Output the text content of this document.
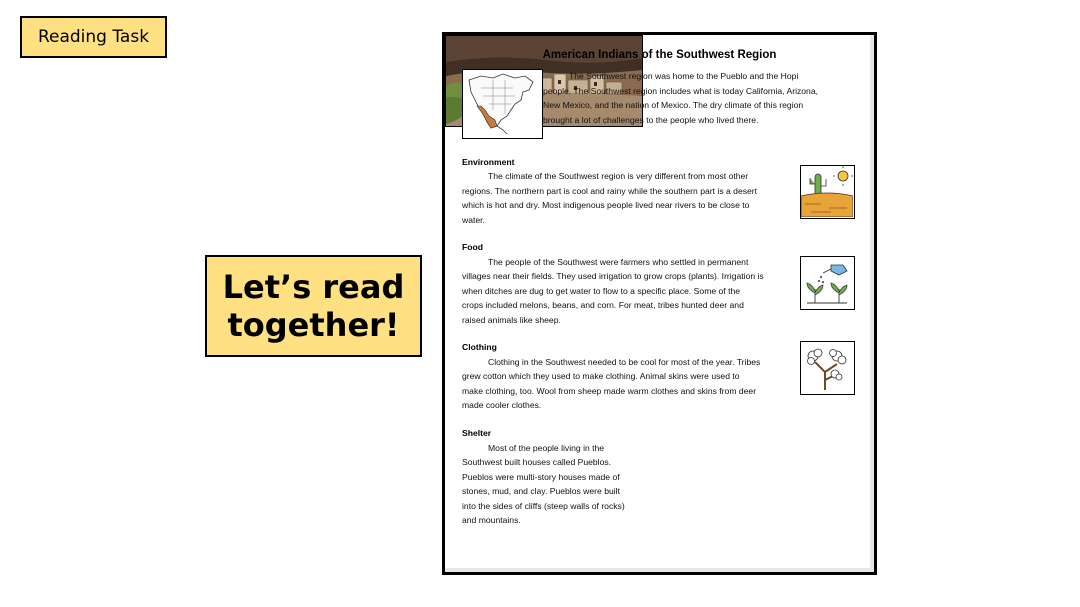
Reading Task
Let’s read
together!
American Indians of the Southwest Region

The Southwest region was home to the Pueblo and the Hopi

people. The Southwest region includes what is today California, Arizona,

New Mexico, and the nation of Mexico. The dry climate of this region

brought a lot of challenges to the people who lived there.

Environment

The climate of the Southwest region is very different from most other

regions. The northern part is cool and rainy while the southern part is a desert

which is hot and dry. Most indigenous people lived near rivers to be close to

water.

Food

The people of the Southwest were farmers who settled in permanent

villages near their fields. They used irrigation to grow crops (plants). Irrigation is

when ditches are dug to get water to flow to a specific place. Some of the

crops included melons, beans, and corn. For meat, tribes hunted deer and

raised animals like sheep.

Clothing

Clothing in the Southwest needed to be cool for most of the year. Tribes

grew cotton which they used to make clothing. Animal skins were used to

make clothing, too. Wool from sheep made warm clothes and skins from deer

made cooler clothes.

Shelter

Most of the people living in the

Southwest built houses called Pueblos.

Pueblos were multi-story houses made of

stones, mud, and clay. Pueblos were built

into the sides of cliffs (steep walls of rocks)

and mountains.
